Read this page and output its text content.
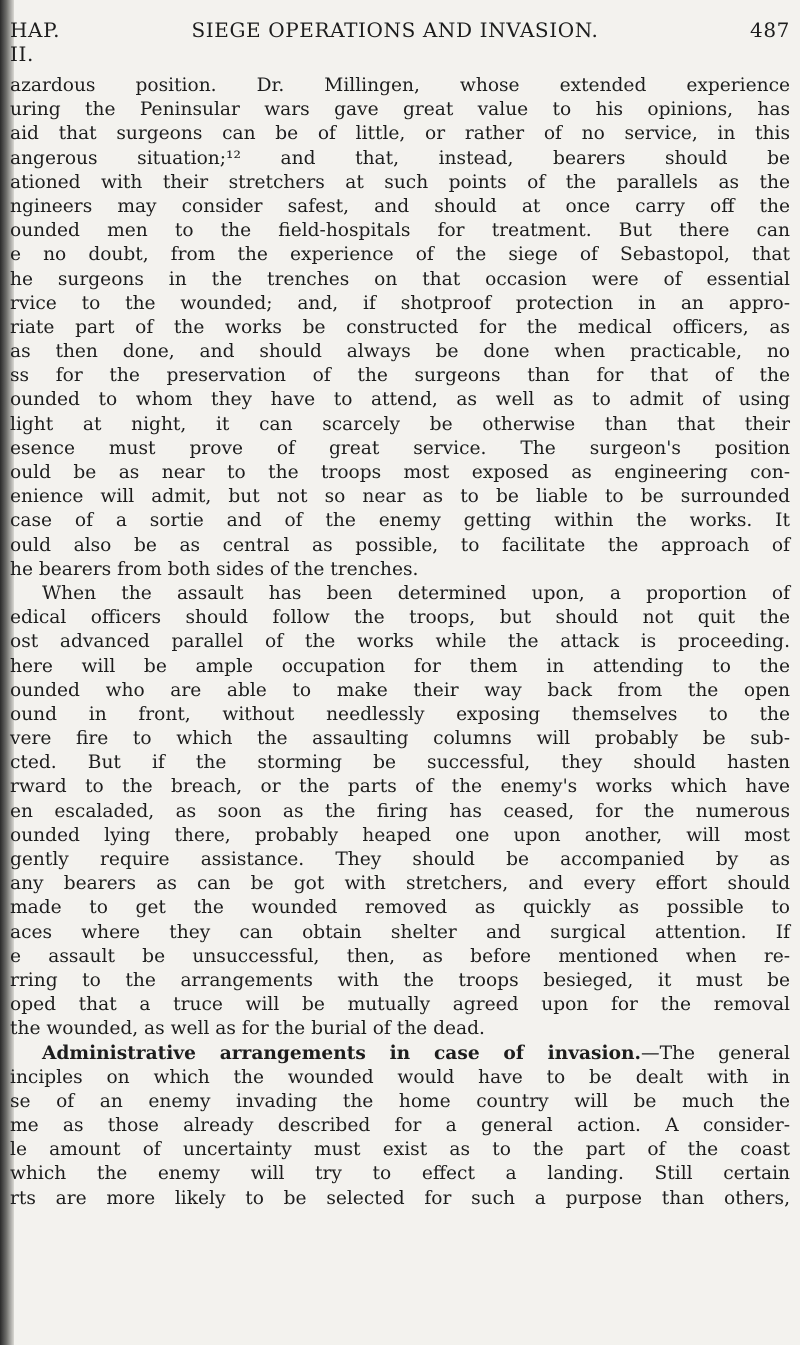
HAP. II.
SIEGE OPERATIONS AND INVASION.	487
azardous position. Dr. Millingen, whose extended experience
uring the Peninsular wars gave great value to his opinions, has
aid that surgeons can be of little, or rather of no service, in this
angerous situation;¹² and that, instead, bearers should be
ationed with their stretchers at such points of the parallels as the
ngineers may consider safest, and should at once carry off the
ounded men to the field-hospitals for treatment. But there can
e no doubt, from the experience of the siege of Sebastopol, that
he surgeons in the trenches on that occasion were of essential
rvice to the wounded; and, if shotproof protection in an appro-
riate part of the works be constructed for the medical officers, as
as then done, and should always be done when practicable, no
ss for the preservation of the surgeons than for that of the
ounded to whom they have to attend, as well as to admit of using
light at night, it can scarcely be otherwise than that their
esence must prove of great service. The surgeon's position
ould be as near to the troops most exposed as engineering con-
enience will admit, but not so near as to be liable to be surrounded
case of a sortie and of the enemy getting within the works. It
ould also be as central as possible, to facilitate the approach of
he bearers from both sides of the trenches.
When the assault has been determined upon, a proportion of
edical officers should follow the troops, but should not quit the
ost advanced parallel of the works while the attack is proceeding.
here will be ample occupation for them in attending to the
ounded who are able to make their way back from the open
ound in front, without needlessly exposing themselves to the
vere fire to which the assaulting columns will probably be sub-
cted. But if the storming be successful, they should hasten
rward to the breach, or the parts of the enemy's works which have
en escaladed, as soon as the firing has ceased, for the numerous
ounded lying there, probably heaped one upon another, will most
gently require assistance. They should be accompanied by as
any bearers as can be got with stretchers, and every effort should
made to get the wounded removed as quickly as possible to
aces where they can obtain shelter and surgical attention. If
e assault be unsuccessful, then, as before mentioned when re-
rring to the arrangements with the troops besieged, it must be
oped that a truce will be mutually agreed upon for the removal
the wounded, as well as for the burial of the dead.
Administrative arrangements in case of invasion.—The general
inciples on which the wounded would have to be dealt with in
se of an enemy invading the home country will be much the
me as those already described for a general action. A consider-
le amount of uncertainty must exist as to the part of the coast
which the enemy will try to effect a landing. Still certain
rts are more likely to be selected for such a purpose than others,
